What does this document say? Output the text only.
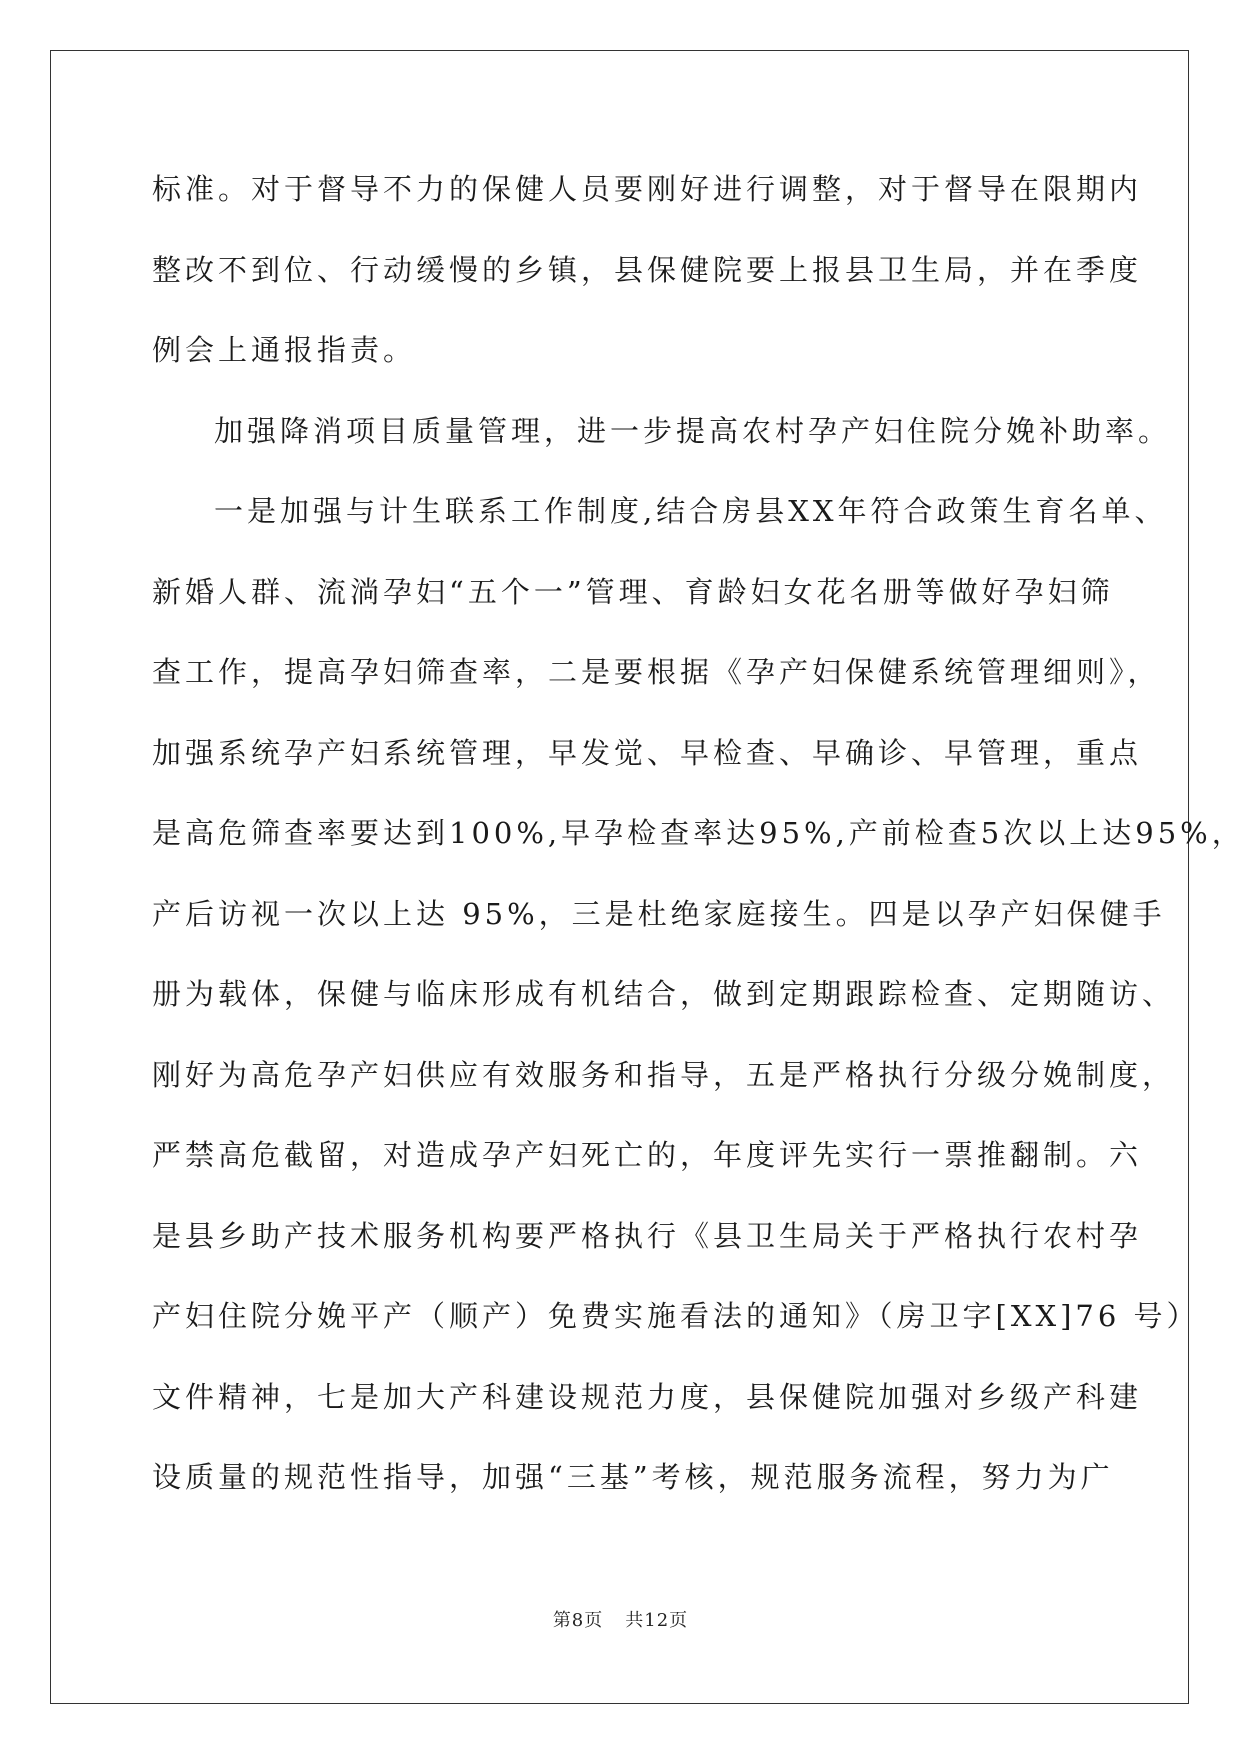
标准。对于督导不力的保健人员要刚好进行调整，对于督导在限期内
整改不到位、行动缓慢的乡镇，县保健院要上报县卫生局，并在季度
例会上通报指责。
加强降消项目质量管理，进一步提高农村孕产妇住院分娩补助率。
一是加强与计生联系工作制度,结合房县XX年符合政策生育名单、
新婚人群、流淌孕妇“五个一”管理、育龄妇女花名册等做好孕妇筛
查工作，提高孕妇筛查率，二是要根据《孕产妇保健系统管理细则》，
加强系统孕产妇系统管理，早发觉、早检查、早确诊、早管理，重点
是高危筛查率要达到100%,早孕检查率达95%,产前检查5次以上达95%，
产后访视一次以上达 95%，三是杜绝家庭接生。四是以孕产妇保健手
册为载体，保健与临床形成有机结合，做到定期跟踪检查、定期随访、
刚好为高危孕产妇供应有效服务和指导，五是严格执行分级分娩制度，
严禁高危截留，对造成孕产妇死亡的，年度评先实行一票推翻制。六
是县乡助产技术服务机构要严格执行《县卫生局关于严格执行农村孕
产妇住院分娩平产（顺产）免费实施看法的通知》（房卫字[XX]76 号）
文件精神，七是加大产科建设规范力度，县保健院加强对乡级产科建
设质量的规范性指导，加强“三基”考核，规范服务流程，努力为广
第8页 共12页
